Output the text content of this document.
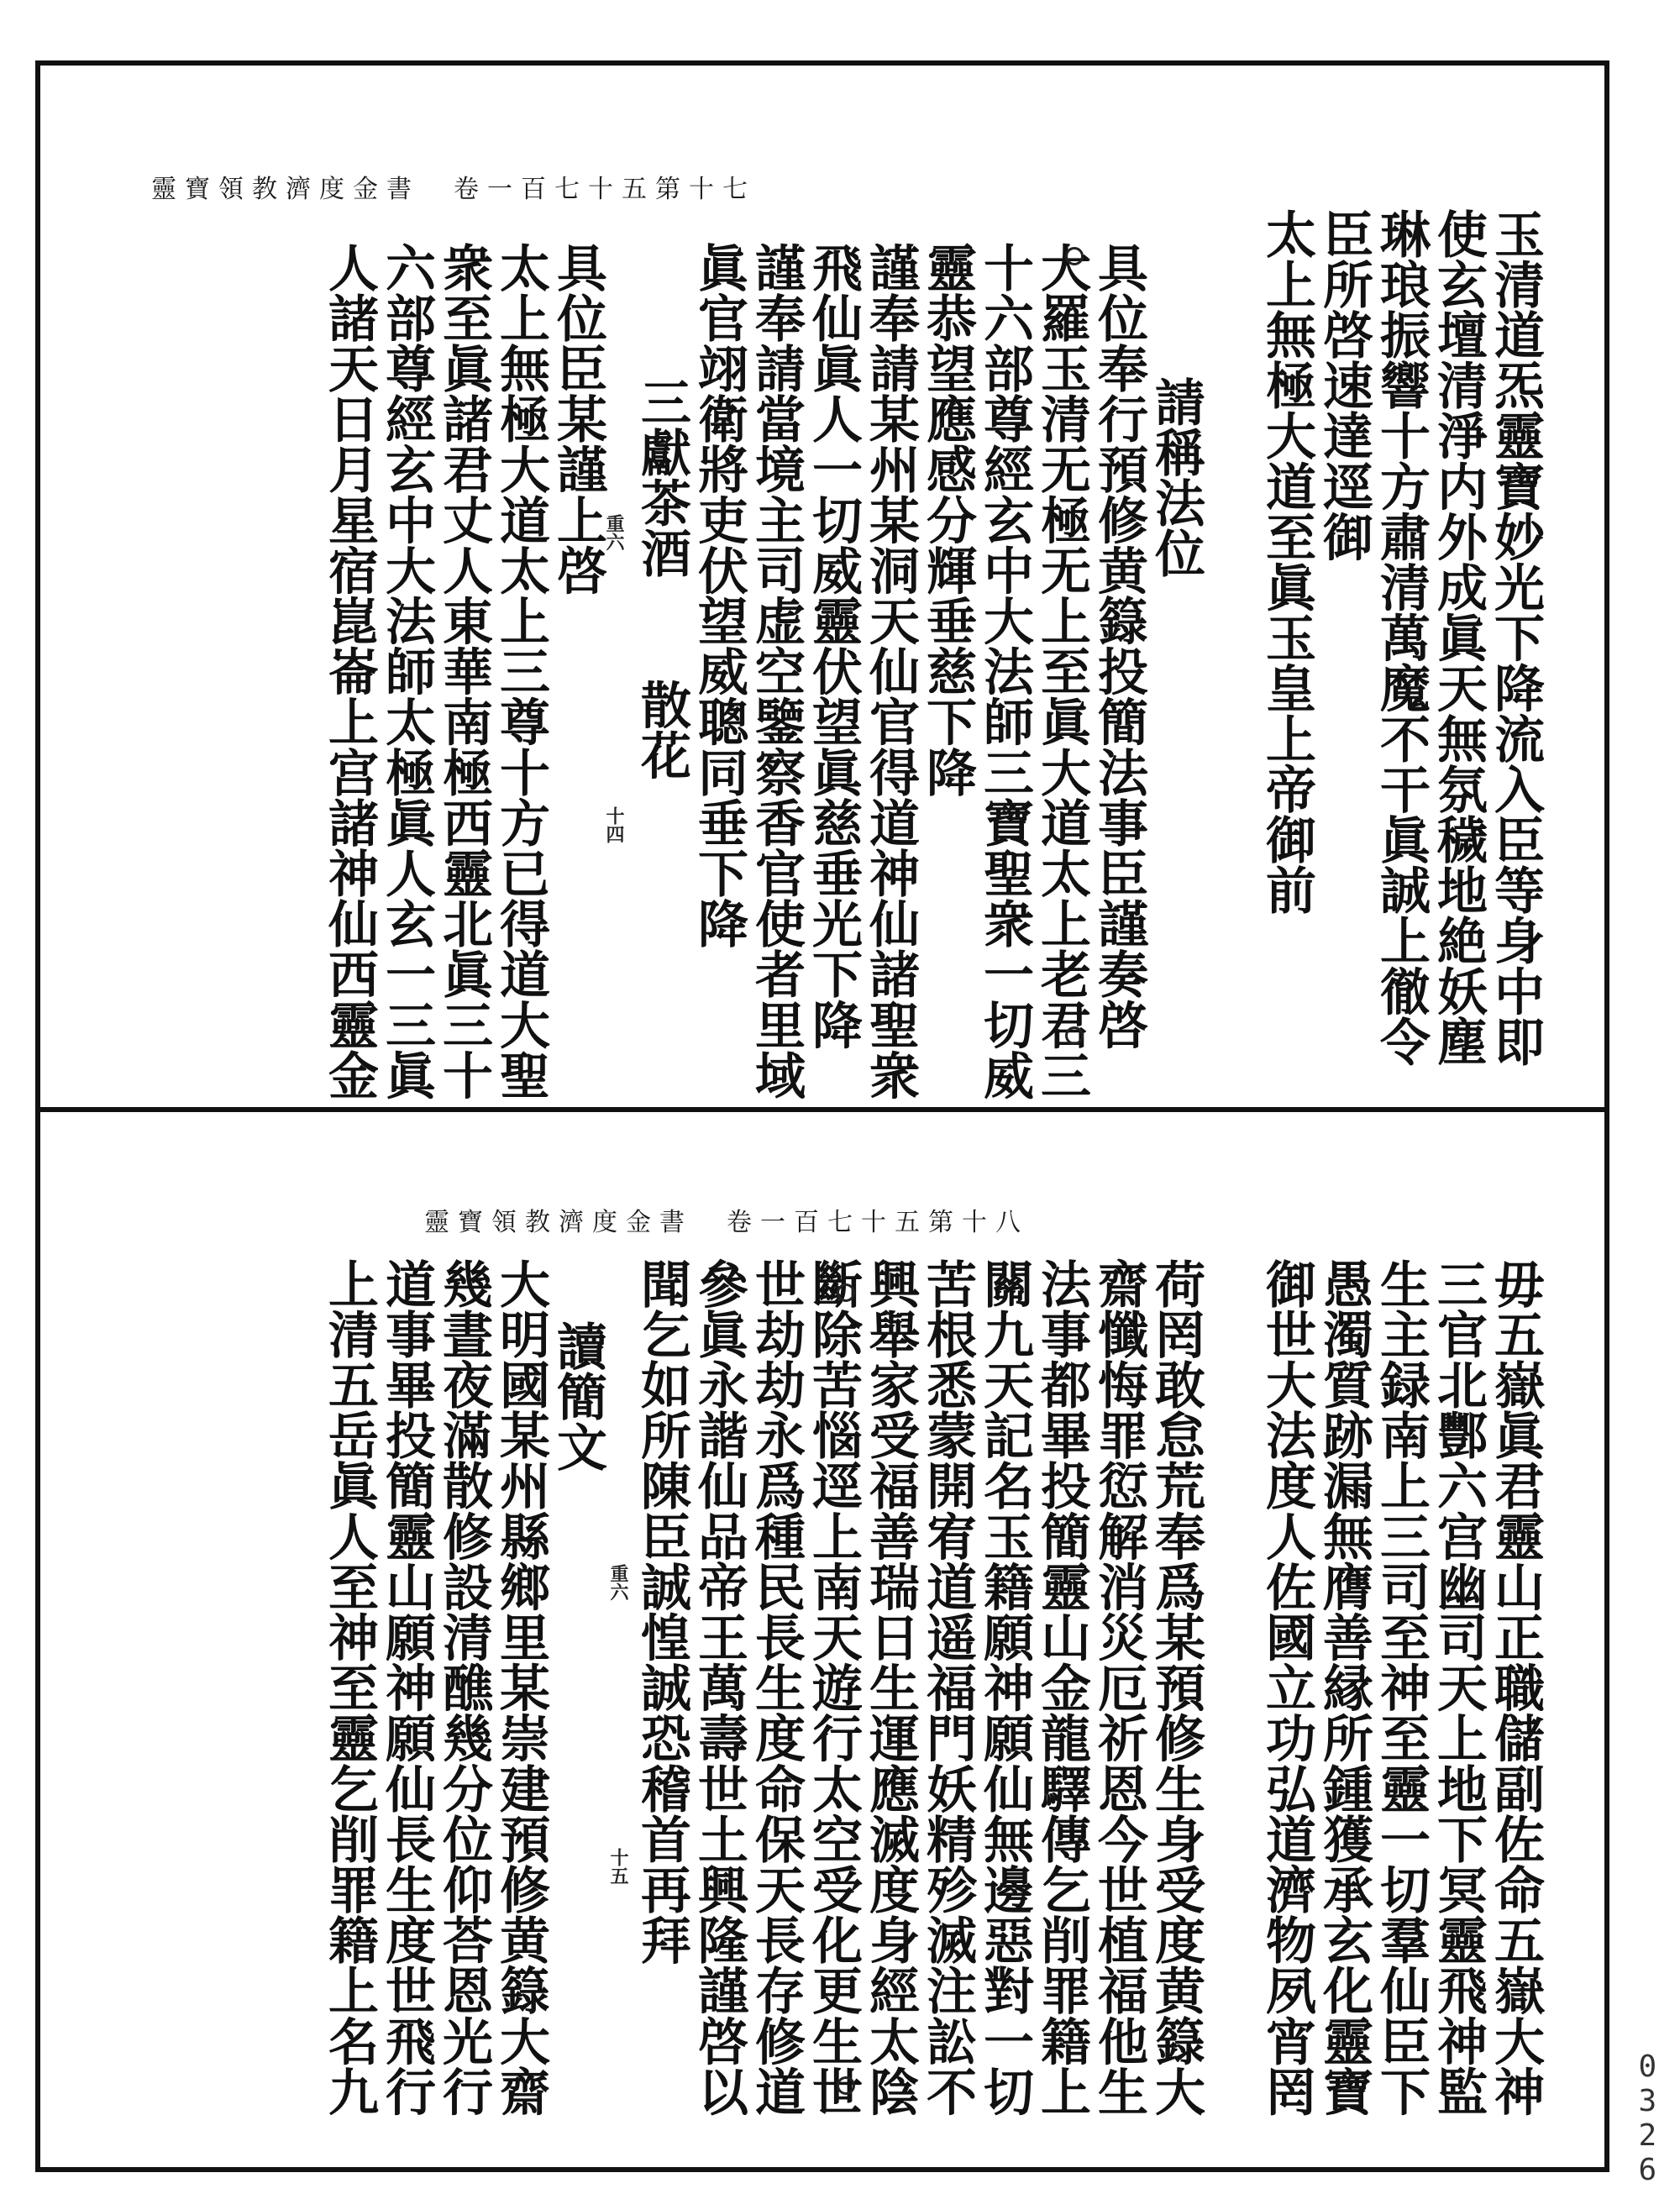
靈寶領教濟度金書　卷一百七十五第十七
玉清道炁靈寶妙光下降流入臣等身中即
使玄壇清淨内外成眞天無氛穢地絶妖塵
琳琅振響十方肅清萬魔不干眞誠上徹令
臣所啓速達逕御
太上無極大道至眞玉皇上帝御前
請稱法位
具位奉行預修黄籙投簡法事臣謹奏啓
大羅玉清无極无上至眞大道太上老君三
十六部尊經玄中大法師三寶聖衆一切威
靈恭望應感分輝垂慈下降
謹奉請某州某洞天仙官得道神仙諸聖衆
飛仙眞人一切威靈伏望眞慈垂光下降
謹奉請當境主司虚空鑒察香官使者里域
眞官翊衛將吏伏望威聰同垂下降
三獻茶酒　　散花
具位臣某謹上啓
太上無極大道太上三尊十方已得道大聖
衆至眞諸君丈人東華南極西靈北眞三十
六部尊經玄中大法師太極眞人玄一三眞
人諸天日月星宿崑崙上宫諸神仙西靈金	重六
十四
靈寶領教濟度金書　卷一百七十五第十八
毋五嶽眞君靈山正職儲副佐命五嶽大神
三官北酆六宫幽司天上地下冥靈飛神監
生主録南上三司至神至靈一切羣仙臣下
愚濁質跡漏無膺善縁所鍾獲承玄化靈寶
御世大法度人佐國立功弘道濟物夙宵罔
荷罔敢怠荒奉爲某預修生身受度黄籙大
齋懺悔罪愆解消災厄祈恩今世植福他生
法事都畢投簡靈山金龍驛傳乞削罪籍上
關九天記名玉籍願神願仙無邊惡對一切
苦根悉蒙開宥道遥福門妖精殄滅注訟不
興舉家受福善瑞日生運應滅度身經太陰
斷除苦惱逕上南天遊行太空受化更生世
世劫劫永爲種民長生度命保天長存修道
參眞永諧仙品帝王萬壽世土興隆謹啓以
聞乞如所陳臣誠惶誠恐稽首再拜
讀簡文
大明國某州縣鄉里某崇建預修黄籙大齋
幾晝夜滿散修設清醮幾分位仰荅恩光行
道事畢投簡靈山願神願仙長生度世飛行
上清五岳眞人至神至靈乞削罪籍上名九	重六
十五
0326
